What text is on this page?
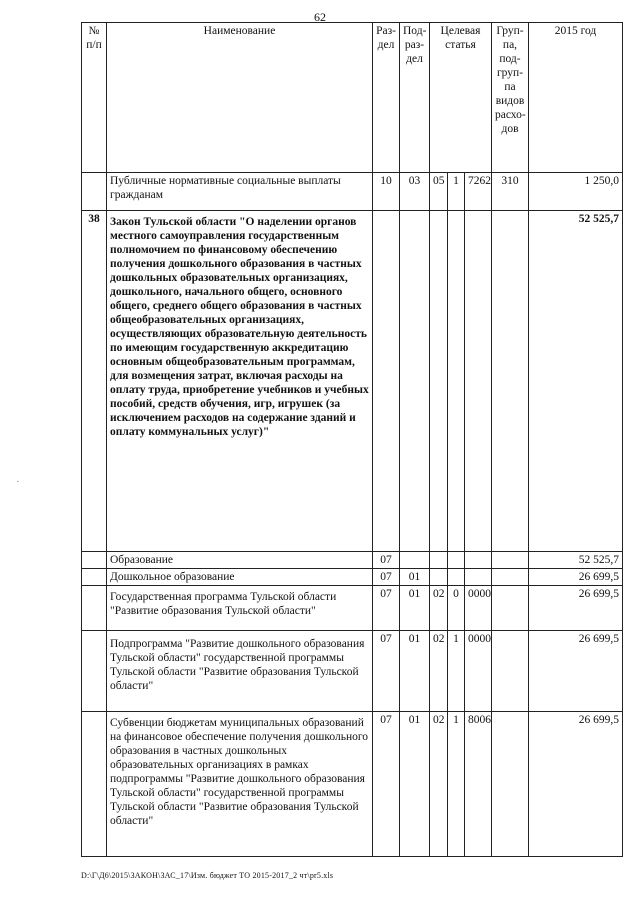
62
·
№ п/п	Наименование	Раз-дел	Под-раз-дел	Целевая статья			Груп-па, под-груп-па видов расхо-дов	2015 год
	Публичные нормативные социальные выплаты гражданам	10	03	05	1	7262	310	1 250,0
38	Закон Тульской области "О наделении органов местного самоуправления государственным полномочием по финансовому обеспечению получения дошкольного образования в частных дошкольных образовательных организациях, дошкольного, начального общего, основного общего, среднего общего образования в частных общеобразовательных организациях, осуществляющих образовательную деятельность по имеющим государственную аккредитацию основным общеобразовательным программам, для возмещения затрат, включая расходы на оплату труда, приобретение учебников и учебных пособий, средств обучения, игр, игрушек (за исключением расходов на содержание зданий и оплату коммунальных услуг)"							52 525,7
	Образование	07						52 525,7
	Дошкольное образование	07	01					26 699,5
	Государственная программа Тульской области "Развитие образования Тульской области"	07	01	02	0	0000		26 699,5
	Подпрограмма "Развитие дошкольного образования Тульской области" государственной программы Тульской области "Развитие образования Тульской области"	07	01	02	1	0000		26 699,5
	Субвенции бюджетам муниципальных образований на финансовое обеспечение получения дошкольного образования в частных дошкольных образовательных организациях в рамках подпрограммы "Развитие дошкольного образования Тульской области" государственной программы Тульской области "Развитие образования Тульской области"	07	01	02	1	8006		26 699,5
D:\Г\Д6\2015\ЗАКОН\ЗАС_17\Изм. бюджет ТО 2015-2017_2 чт\pr5.xls
